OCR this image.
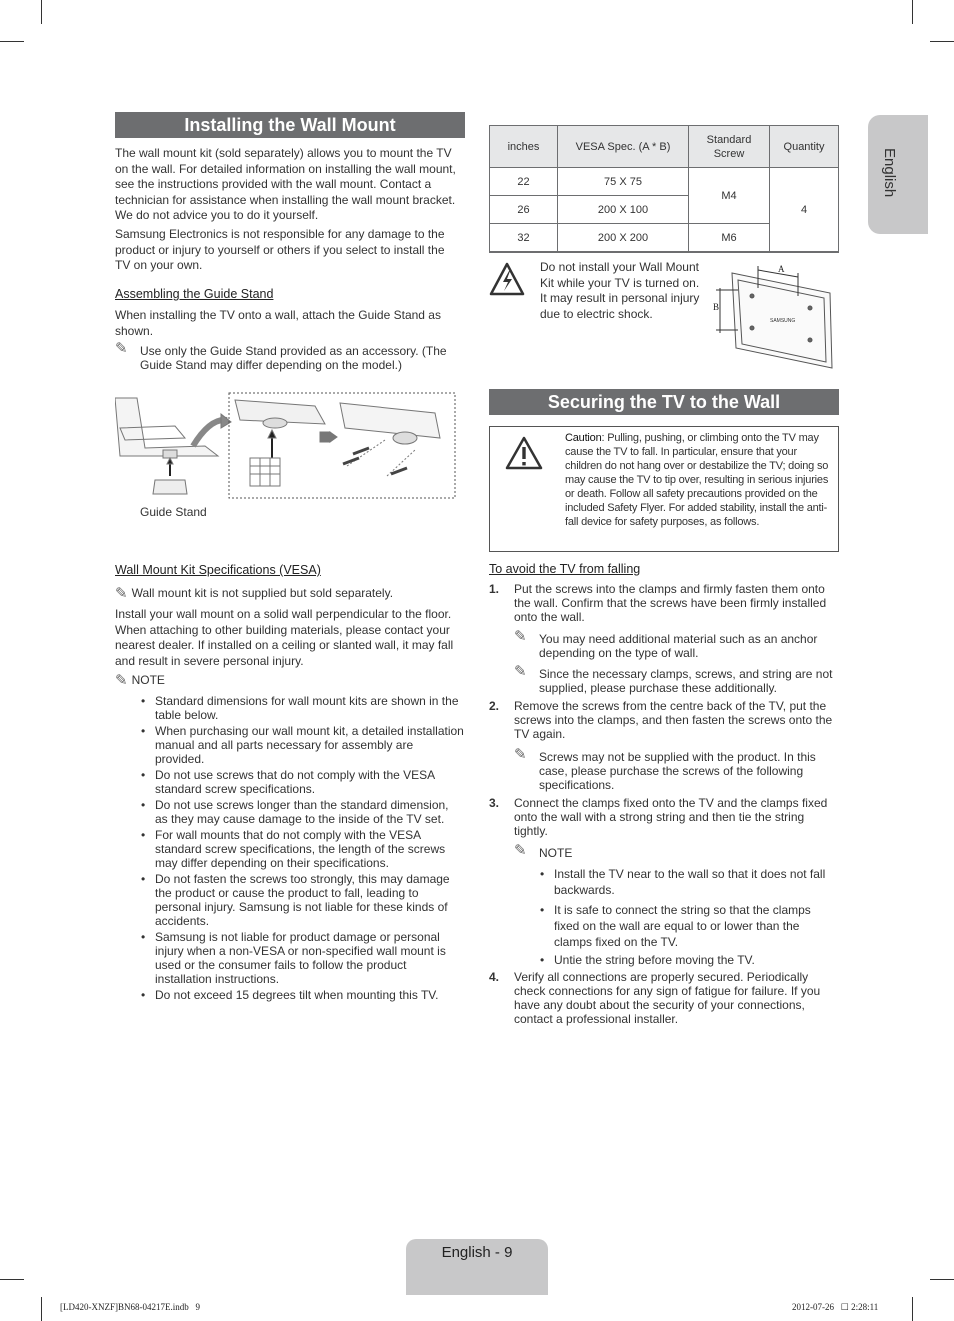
English
Installing the Wall Mount

The wall mount kit (sold separately) allows you to mount the TV on the wall. For detailed information on installing the wall mount, see the instructions provided with the wall mount. Contact a technician for assistance when installing the wall mount bracket. We do not advice you to do it yourself.

Samsung Electronics is not responsible for any damage to the product or injury to yourself or others if you select to install the TV on your own.

Assembling the Guide Stand

When installing the TV onto a wall, attach the Guide Stand as shown.

✎	Use only the Guide Stand provided as an accessory. (The Guide Stand may differ depending on the model.)
Guide Stand
Wall Mount Kit Specifications (VESA)
✎ Wall mount kit is not supplied but sold separately.

Install your wall mount on a solid wall perpendicular to the floor. When attaching to other building materials, please contact your nearest dealer. If installed on a ceiling or slanted wall, it may fall and result in severe personal injury.

✎ NOTE
• Standard dimensions for wall mount kits are shown in the table below.
• When purchasing our wall mount kit, a detailed installation manual and all parts necessary for assembly are provided.
• Do not use screws that do not comply with the VESA standard screw specifications.
• Do not use screws longer than the standard dimension, as they may cause damage to the inside of the TV set.
• For wall mounts that do not comply with the VESA standard screw specifications, the length of the screws may differ depending on their specifications.
• Do not fasten the screws too strongly, this may damage the product or cause the product to fall, leading to personal injury. Samsung is not liable for these kinds of accidents.
• Samsung is not liable for product damage or personal injury when a non-VESA or non-specified wall mount is used or the consumer fails to follow the product installation instructions.
• Do not exceed 15 degrees tilt when mounting this TV.
inches	VESA Spec. (A * B)	Standard Screw	Quantity
22	75 X 75	M4	4
26	200 X 100		
32	200 X 200	M6	

Do not install your Wall Mount Kit while your TV is turned on. It may result in personal injury due to electric shock.

A
B
SAMSUNG
Securing the TV to the Wall
Caution: Pulling, pushing, or climbing onto the TV may cause the TV to fall. In particular, ensure that your children do not hang over or destabilize the TV; doing so may cause the TV to tip over, resulting in serious injuries or death. Follow all safety precautions provided on the included Safety Flyer. For added stability, install the anti-fall device for safety purposes, as follows.
To avoid the TV from falling
1. Put the screws into the clamps and firmly fasten them onto the wall. Confirm that the screws have been firmly installed onto the wall.
✎ You may need additional material such as an anchor depending on the type of wall.
✎ Since the necessary clamps, screws, and string are not supplied, please purchase these additionally.
2. Remove the screws from the centre back of the TV, put the screws into the clamps, and then fasten the screws onto the TV again.
✎ Screws may not be supplied with the product. In this case, please purchase the screws of the following specifications.
3. Connect the clamps fixed onto the TV and the clamps fixed onto the wall with a strong string and then tie the string tightly.
✎ NOTE
• Install the TV near to the wall so that it does not fall backwards.
• It is safe to connect the string so that the clamps fixed on the wall are equal to or lower than the clamps fixed on the TV.
• Untie the string before moving the TV.
4. Verify all connections are properly secured. Periodically check connections for any sign of fatigue for failure. If you have any doubt about the security of your connections, contact a professional installer.
English - 9
[LD420-XNZF]BN68-04217E.indb   9	2012-07-26   ☐ 2:28:11
